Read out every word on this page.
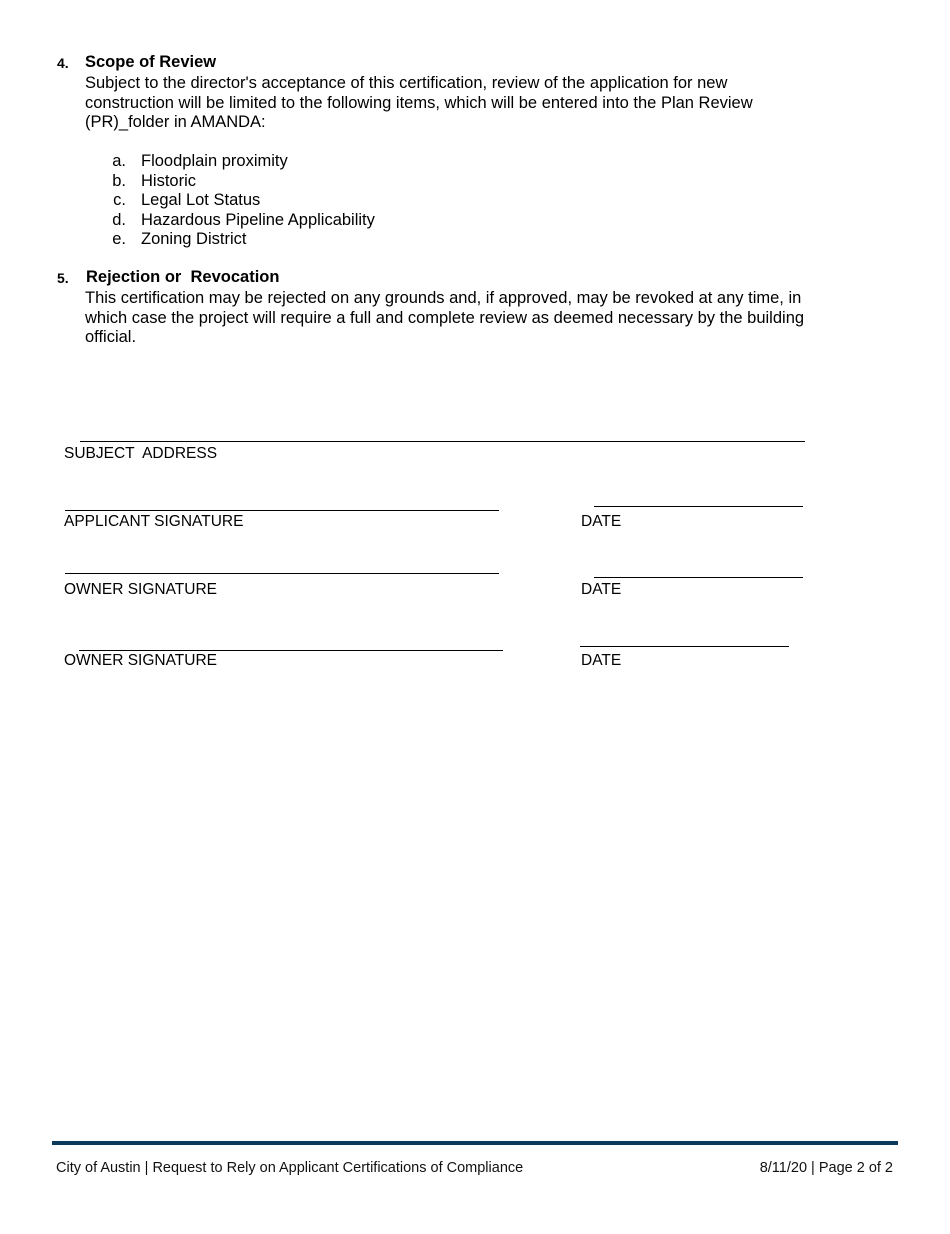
4. Scope of Review
Subject to the director's acceptance of this certification, review of the application for new
construction will be limited to the following items, which will be entered into the Plan Review
(PR)_folder in AMANDA:
a. Floodplain proximity
b. Historic
c. Legal Lot Status
d. Hazardous Pipeline Applicability
e. Zoning District
5. Rejection or  Revocation
This certification may be rejected on any grounds and, if approved, may be revoked at any time, in
which case the project will require a full and complete review as deemed necessary by the building
official.
SUBJECT  ADDRESS
APPLICANT SIGNATURE	DATE
OWNER SIGNATURE	DATE
OWNER SIGNATURE	DATE
City of Austin | Request to Rely on Applicant Certifications of Compliance	8/11/20 | Page 2 of 2
